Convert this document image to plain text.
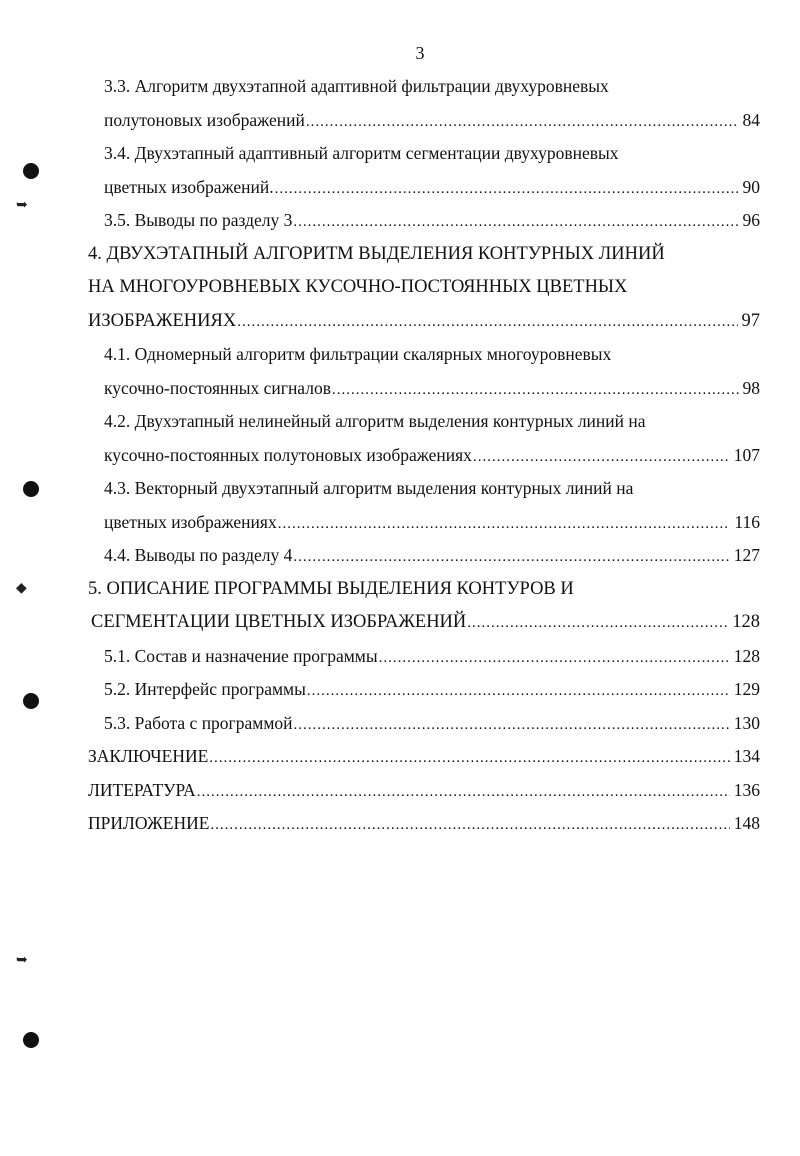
3
➥
◆
➥
3.3. Алгоритм двухэтапной адаптивной фильтрации двухуровневых
полутоновых изображений .....	84
3.4. Двухэтапный адаптивный алгоритм сегментации двухуровневых
цветных изображений. .....	90
3.5. Выводы по разделу 3 .....	96
4. ДВУХЭТАПНЫЙ АЛГОРИТМ ВЫДЕЛЕНИЯ КОНТУРНЫХ ЛИНИЙ
НА МНОГОУРОВНЕВЫХ КУСОЧНО-ПОСТОЯННЫХ ЦВЕТНЫХ
ИЗОБРАЖЕНИЯХ .....	97
4.1. Одномерный алгоритм фильтрации скалярных многоуровневых
кусочно-постоянных сигналов .....	98
4.2. Двухэтапный нелинейный алгоритм выделения контурных линий на
кусочно-постоянных полутоновых изображениях .....	107
4.3. Векторный двухэтапный алгоритм выделения контурных линий на
цветных изображениях .....	116
4.4. Выводы по разделу 4 .....	127
5. ОПИСАНИЕ ПРОГРАММЫ ВЫДЕЛЕНИЯ КОНТУРОВ И
СЕГМЕНТАЦИИ ЦВЕТНЫХ ИЗОБРАЖЕНИЙ .....	128
5.1. Состав и назначение программы .....	128
5.2. Интерфейс программы .....	129
5.3. Работа с программой .....	130
ЗАКЛЮЧЕНИЕ .....	134
ЛИТЕРАТУРА .....	136
ПРИЛОЖЕНИЕ .....	148
